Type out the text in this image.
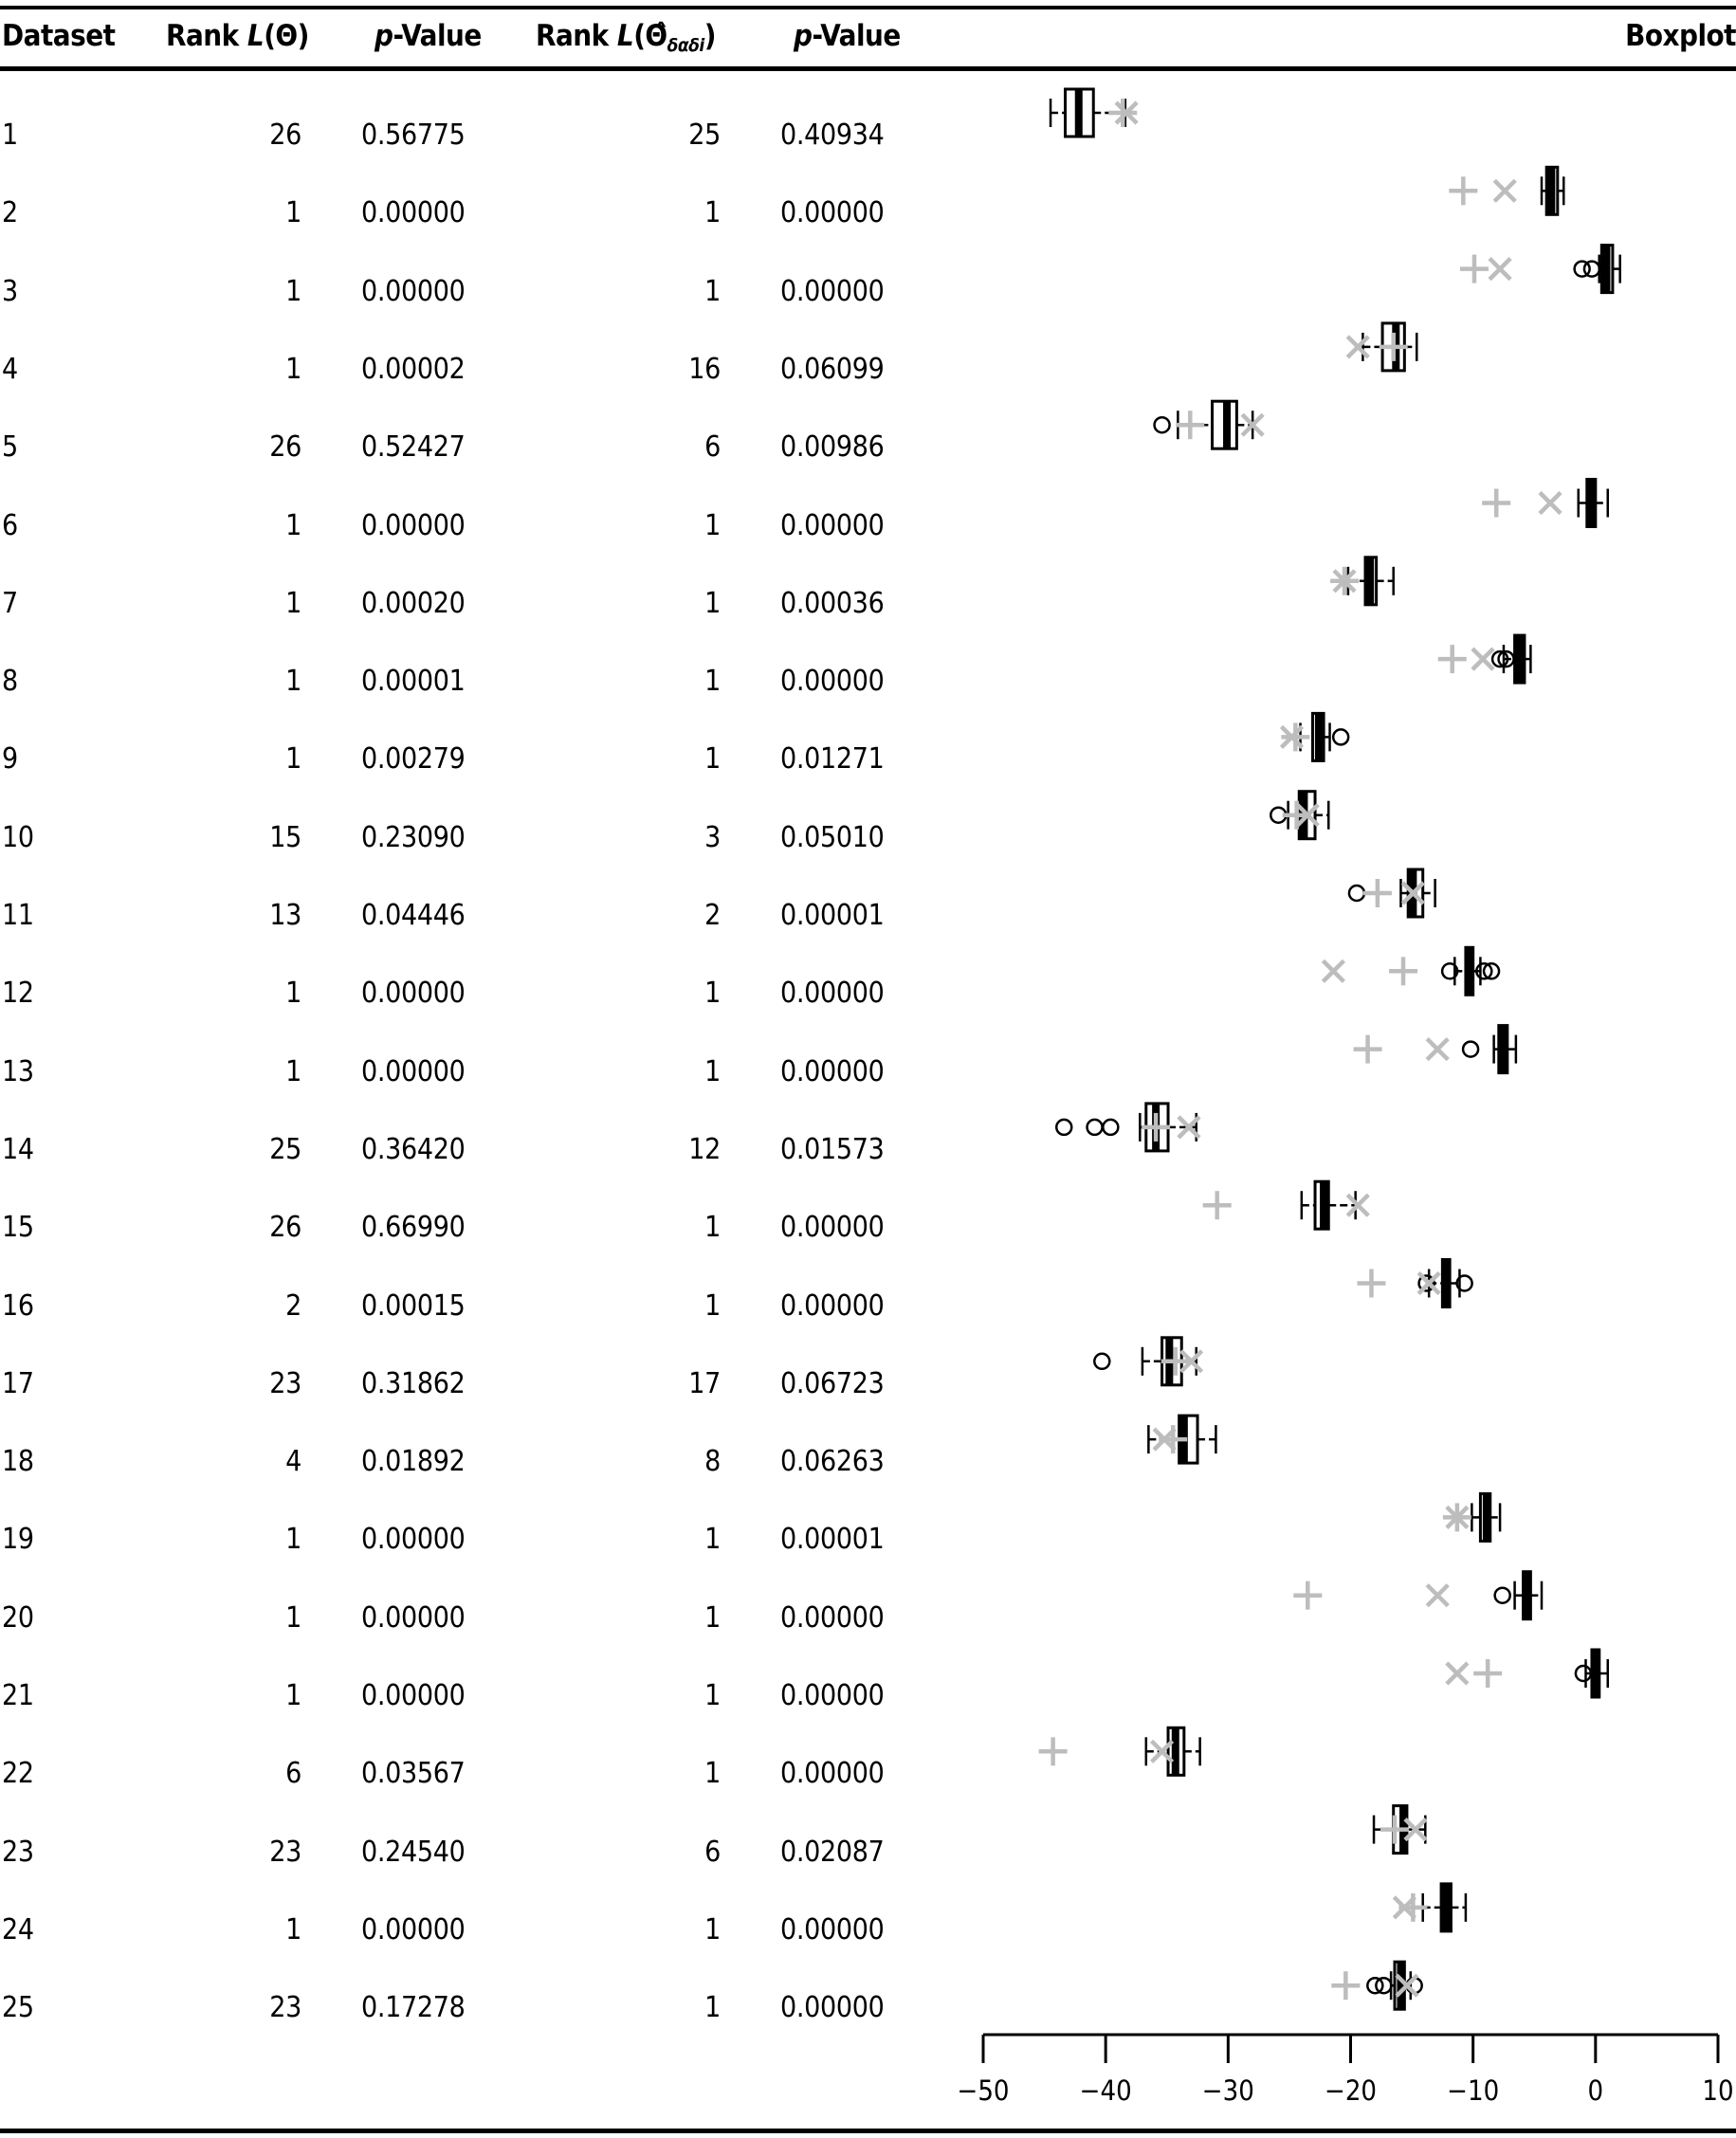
Dataset Rank L(Θ) p-Value Rank $L(\Thetâ_{\delta\alpha\delta i})$	p-Value	Boxplot
1	26 0.56775	25 0.40934
2	1 0.00000	1 0.00000
3	1 0.00000	1 0.00000
4	1 0.00002	16 0.06099
5	26 0.52427	6 0.00986
6	1 0.00000	1 0.00000
7	1 0.00020	1 0.00036
8	1 0.00001	1 0.00000
9	1 0.00279	1 0.01271
10	15 0.23090	3 0.05010
11	13 0.04446	2 0.00001
12	1 0.00000	1 0.00000
13	1 0.00000	1 0.00000
14	25 0.36420	12 0.01573
15	26 0.66990	1 0.00000
16	2 0.00015	1 0.00000
17	23 0.31862	17 0.06723
18	4 0.01892	8 0.06263
19	1 0.00000	1 0.00001
20	1 0.00000	1 0.00000
21	1 0.00000	1 0.00000
22	6 0.03567	1 0.00000
23	23 0.24540	6 0.02087
24	1 0.00000	1 0.00000
25	23 0.17278	1 0.00000
−50	−40	−30	−20	−10	0	10
